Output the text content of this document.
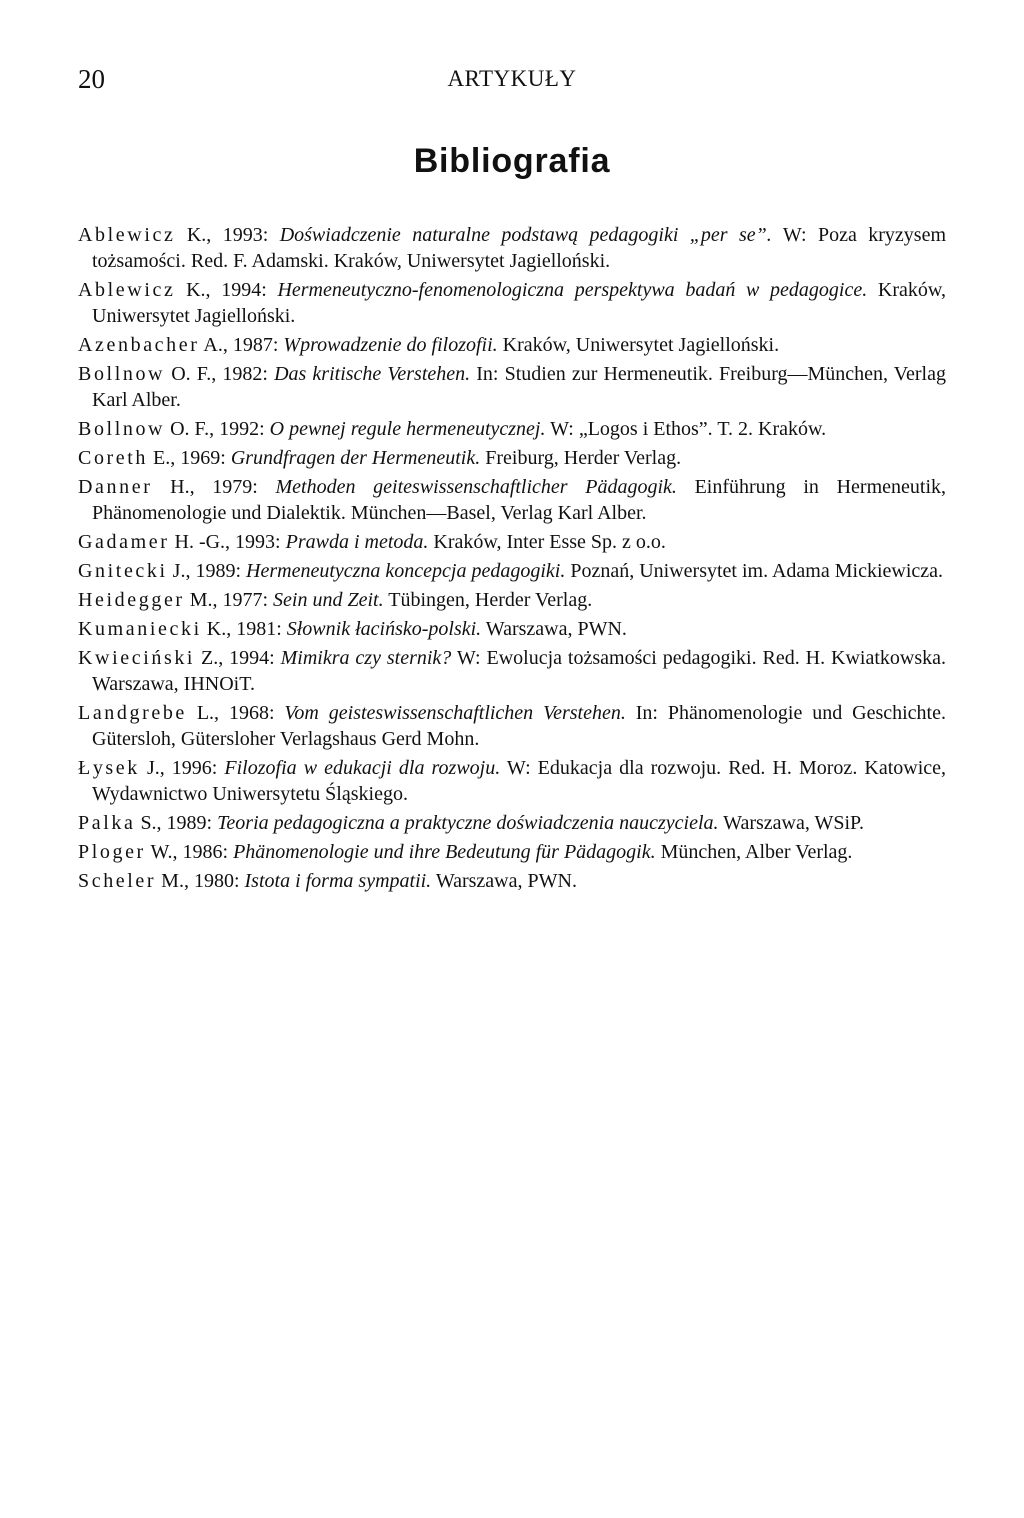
20	ARTYKUŁY
Bibliografia
Ablewicz K., 1993: Doświadczenie naturalne podstawą pedagogiki „per se”. W: Poza kryzysem tożsamości. Red. F. Adamski. Kraków, Uniwersytet Jagielloński.
Ablewicz K., 1994: Hermeneutyczno-fenomenologiczna perspektywa badań w pedagogice. Kraków, Uniwersytet Jagielloński.
Azenbacher A., 1987: Wprowadzenie do filozofii. Kraków, Uniwersytet Jagielloński.
Bollnow O. F., 1982: Das kritische Verstehen. In: Studien zur Hermeneutik. Freiburg—München, Verlag Karl Alber.
Bollnow O. F., 1992: O pewnej regule hermeneutycznej. W: „Logos i Ethos”. T. 2. Kraków.
Coreth E., 1969: Grundfragen der Hermeneutik. Freiburg, Herder Verlag.
Danner H., 1979: Methoden geiteswissenschaftlicher Pädagogik. Einführung in Hermeneutik, Phänomenologie und Dialektik. München—Basel, Verlag Karl Alber.
Gadamer H. -G., 1993: Prawda i metoda. Kraków, Inter Esse Sp. z o.o.
Gnitecki J., 1989: Hermeneutyczna koncepcja pedagogiki. Poznań, Uniwersytet im. Adama Mickiewicza.
Heidegger M., 1977: Sein und Zeit. Tübingen, Herder Verlag.
Kumaniecki K., 1981: Słownik łacińsko-polski. Warszawa, PWN.
Kwieciński Z., 1994: Mimikra czy sternik? W: Ewolucja tożsamości pedagogiki. Red. H. Kwiatkowska. Warszawa, IHNOiT.
Landgrebe L., 1968: Vom geisteswissenschaftlichen Verstehen. In: Phänomenologie und Geschichte. Gütersloh, Gütersloher Verlagshaus Gerd Mohn.
Łysek J., 1996: Filozofia w edukacji dla rozwoju. W: Edukacja dla rozwoju. Red. H. Moroz. Katowice, Wydawnictwo Uniwersytetu Śląskiego.
Palka S., 1989: Teoria pedagogiczna a praktyczne doświadczenia nauczyciela. Warszawa, WSiP.
Ploger W., 1986: Phänomenologie und ihre Bedeutung für Pädagogik. München, Alber Verlag.
Scheler M., 1980: Istota i forma sympatii. Warszawa, PWN.
